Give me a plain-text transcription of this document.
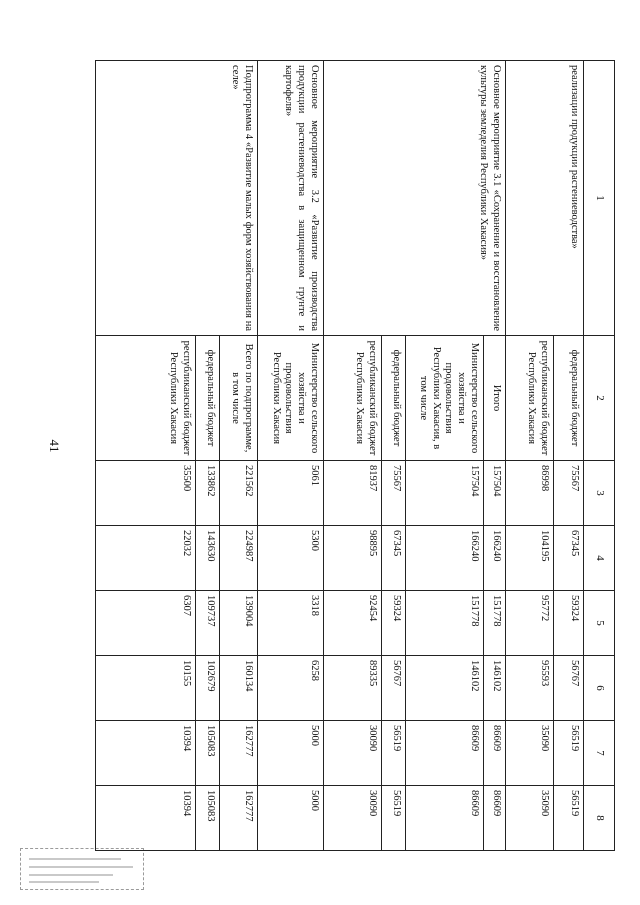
41
1	2	3	4	5	6	7	8
реализации продукции растениеводства»	федеральный бюджет	75567	67345	59324	56767	56519	56519
	республиканский бюджет Республики Хакасия	86998	104195	95772	95593	35090	35090
Основное мероприятие 3.1 «Сохранение и восстановление культуры земледелия Республики Хакасия»	Итого	157504	166240	151778	146102	86609	86609
	Министерство сельского хозяйства и продовольствия Республики Хакасия, в том числе	157504	166240	151778	146102	86609	86609
	федеральный бюджет	75567	67345	59324	56767	56519	56519
	республиканский бюджет Республики Хакасия	81937	98895	92454	89335	30090	30090
Основное мероприятие 3.2 «Развитие производства продукции растениеводства в защищенном грунте и картофеля»	Министерство сельского хозяйства и продовольствия Республики Хакасия	5061	5300	3318	6258	5000	5000
Подпрограмма 4 «Развитие малых форм хозяйствования на селе»	Всего по подпрограмме, в том числе	221562	224987	139004	160134	162777	162777
	федеральный бюджет	133862	143630	109737	102679	105083	105083
	республиканский бюджет Республики Хакасия	35500	22032	6307	10155	10394	10394
